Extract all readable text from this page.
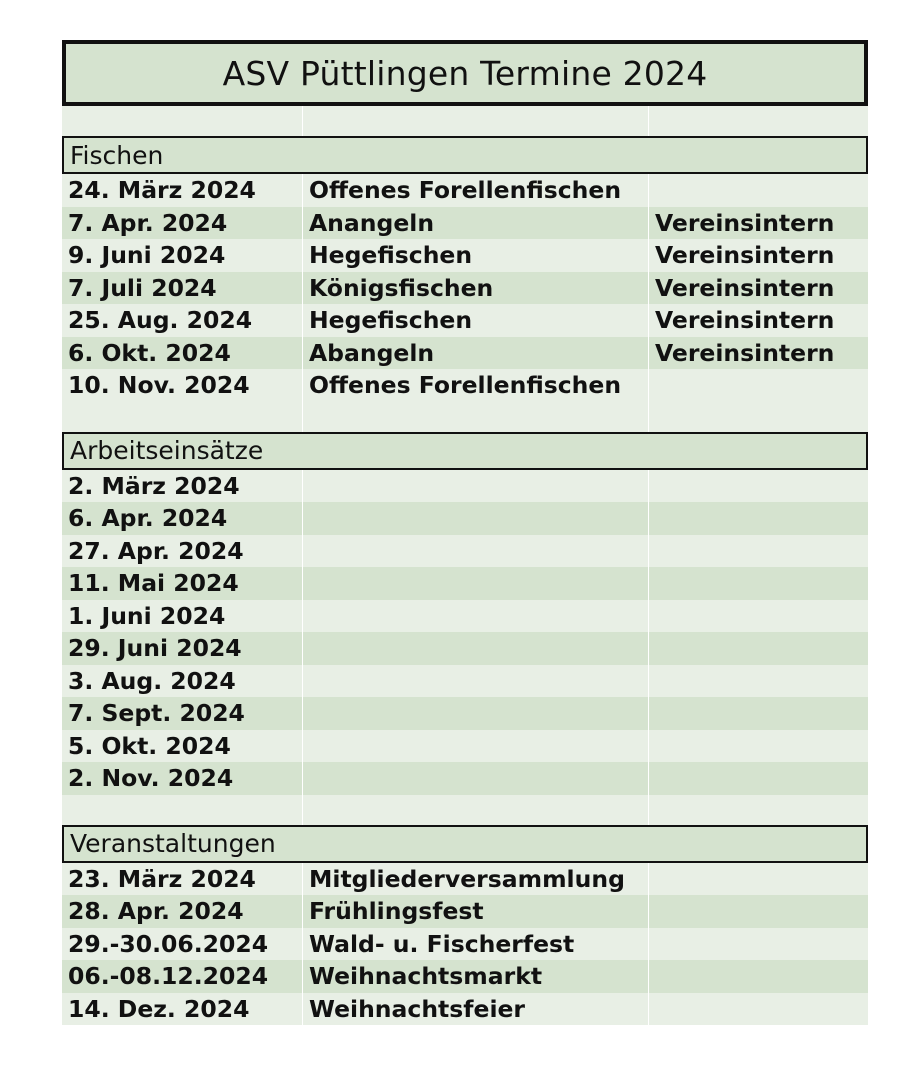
ASV Püttlingen Termine 2024
Fischen
24. März 2024	Offenes Forellenfischen
7. Apr. 2024	Anangeln	Vereinsintern
9. Juni 2024	Hegefischen	Vereinsintern
7. Juli 2024	Königsfischen	Vereinsintern
25. Aug. 2024	Hegefischen	Vereinsintern
6. Okt. 2024	Abangeln	Vereinsintern
10. Nov. 2024	Offenes Forellenfischen
Arbeitseinsätze
2. März 2024
6. Apr. 2024
27. Apr. 2024
11. Mai 2024
1. Juni 2024
29. Juni 2024
3. Aug. 2024
7. Sept. 2024
5. Okt. 2024
2. Nov. 2024
Veranstaltungen
23. März 2024	Mitgliederversammlung
28. Apr. 2024	Frühlingsfest
29.-30.06.2024	Wald- u. Fischerfest
06.-08.12.2024	Weihnachtsmarkt
14. Dez. 2024	Weihnachtsfeier
